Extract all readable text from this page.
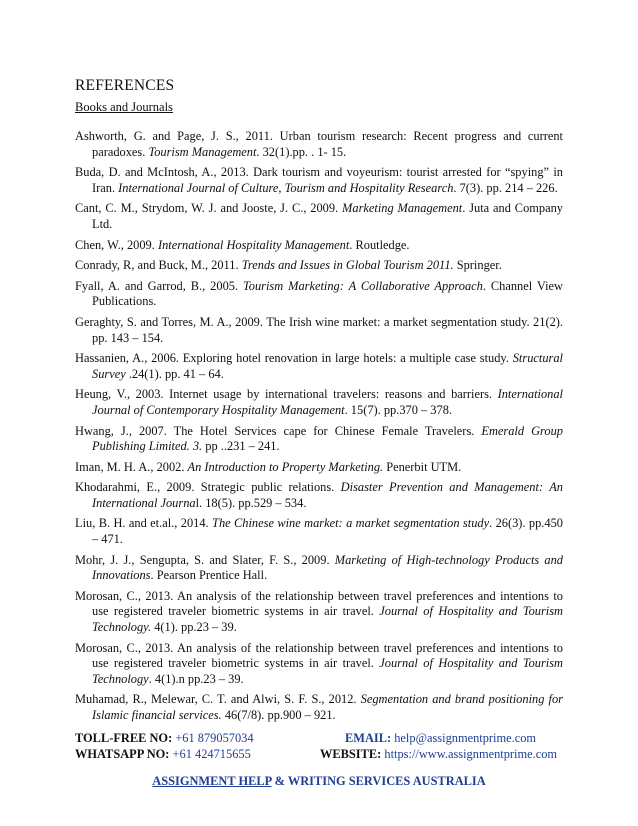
REFERENCES
Books and Journals
Ashworth, G. and Page, J. S., 2011. Urban tourism research: Recent progress and current paradoxes. Tourism Management. 32(1).pp. . 1- 15.
Buda, D. and McIntosh, A., 2013. Dark tourism and voyeurism: tourist arrested for “spying” in Iran. International Journal of Culture, Tourism and Hospitality Research. 7(3). pp. 214 – 226.
Cant, C. M., Strydom, W. J. and Jooste, J. C., 2009. Marketing Management. Juta and Company Ltd.
Chen, W., 2009. International Hospitality Management. Routledge.
Conrady, R, and Buck, M., 2011. Trends and Issues in Global Tourism 2011. Springer.
Fyall, A. and Garrod, B., 2005. Tourism Marketing: A Collaborative Approach. Channel View Publications.
Geraghty, S. and Torres, M. A., 2009. The Irish wine market: a market segmentation study. 21(2). pp. 143 – 154.
Hassanien, A., 2006. Exploring hotel renovation in large hotels: a multiple case study. Structural Survey .24(1). pp. 41 – 64.
Heung, V., 2003. Internet usage by international travelers: reasons and barriers. International Journal of Contemporary Hospitality Management. 15(7). pp.370 – 378.
Hwang, J., 2007. The Hotel Services cape for Chinese Female Travelers. Emerald Group Publishing Limited. 3. pp ..231 – 241.
Iman, M. H. A., 2002. An Introduction to Property Marketing. Penerbit UTM.
Khodarahmi, E., 2009. Strategic public relations. Disaster Prevention and Management: An International Journal. 18(5). pp.529 – 534.
Liu, B. H. and et.al., 2014. The Chinese wine market: a market segmentation study. 26(3). pp.450 – 471.
Mohr, J. J., Sengupta, S. and Slater, F. S., 2009. Marketing of High-technology Products and Innovations. Pearson Prentice Hall.
Morosan, C., 2013. An analysis of the relationship between travel preferences and intentions to use registered traveler biometric systems in air travel. Journal of Hospitality and Tourism Technology. 4(1). pp.23 – 39.
Morosan, C., 2013. An analysis of the relationship between travel preferences and intentions to use registered traveler biometric systems in air travel. Journal of Hospitality and Tourism Technology. 4(1).n pp.23 – 39.
Muhamad, R., Melewar, C. T. and Alwi, S. F. S., 2012. Segmentation and brand positioning for Islamic financial services. 46(7/8). pp.900 – 921.
TOLL-FREE NO: +61 879057034	EMAIL: help@assignmentprime.com
WHATSAPP NO: +61 424715655	WEBSITE: https://www.assignmentprime.com
ASSIGNMENT HELP & WRITING SERVICES AUSTRALIA
